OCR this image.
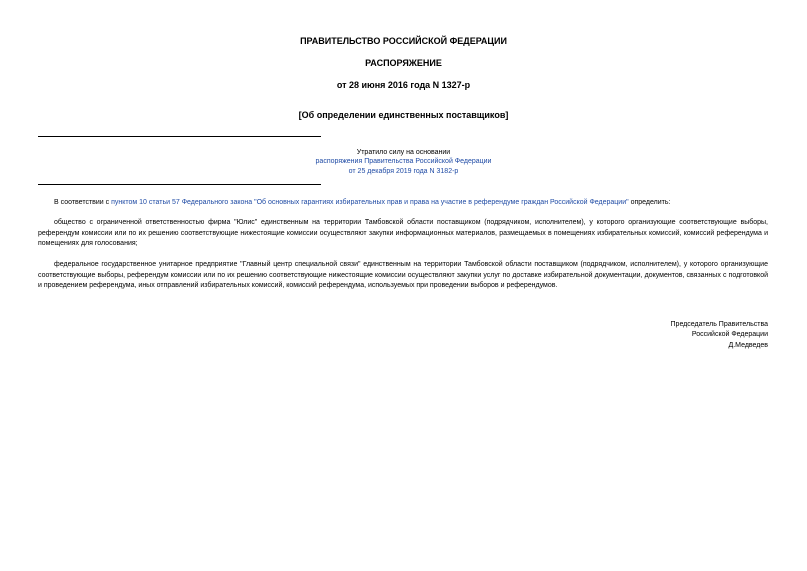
ПРАВИТЕЛЬСТВО РОССИЙСКОЙ ФЕДЕРАЦИИ
РАСПОРЯЖЕНИЕ
от 28 июня 2016 года N 1327-р
[Об определении единственных поставщиков]
Утратило силу на основании
распоряжения Правительства Российской Федерации
от 25 декабря 2019 года N 3182-р

В соответствии с пунктом 10 статьи 57 Федерального закона "Об основных гарантиях избирательных прав и права на участие в референдуме граждан Российской Федерации" определить:

общество с ограниченной ответственностью фирма "Юлис" единственным на территории Тамбовской области поставщиком (подрядчиком, исполнителем), у которого организующие соответствующие выборы, референдум комиссии или по их решению соответствующие нижестоящие комиссии осуществляют закупки информационных материалов, размещаемых в помещениях избирательных комиссий, комиссий референдума и помещениях для голосования;

федеральное государственное унитарное предприятие "Главный центр специальной связи" единственным на территории Тамбовской области поставщиком (подрядчиком, исполнителем), у которого организующие соответствующие выборы, референдум комиссии или по их решению соответствующие нижестоящие комиссии осуществляют закупки услуг по доставке избирательной документации, документов, связанных с подготовкой и проведением референдума, иных отправлений избирательных комиссий, комиссий референдума, используемых при проведении выборов и референдумов.

Председатель Правительства
Российской Федерации
Д.Медведев
